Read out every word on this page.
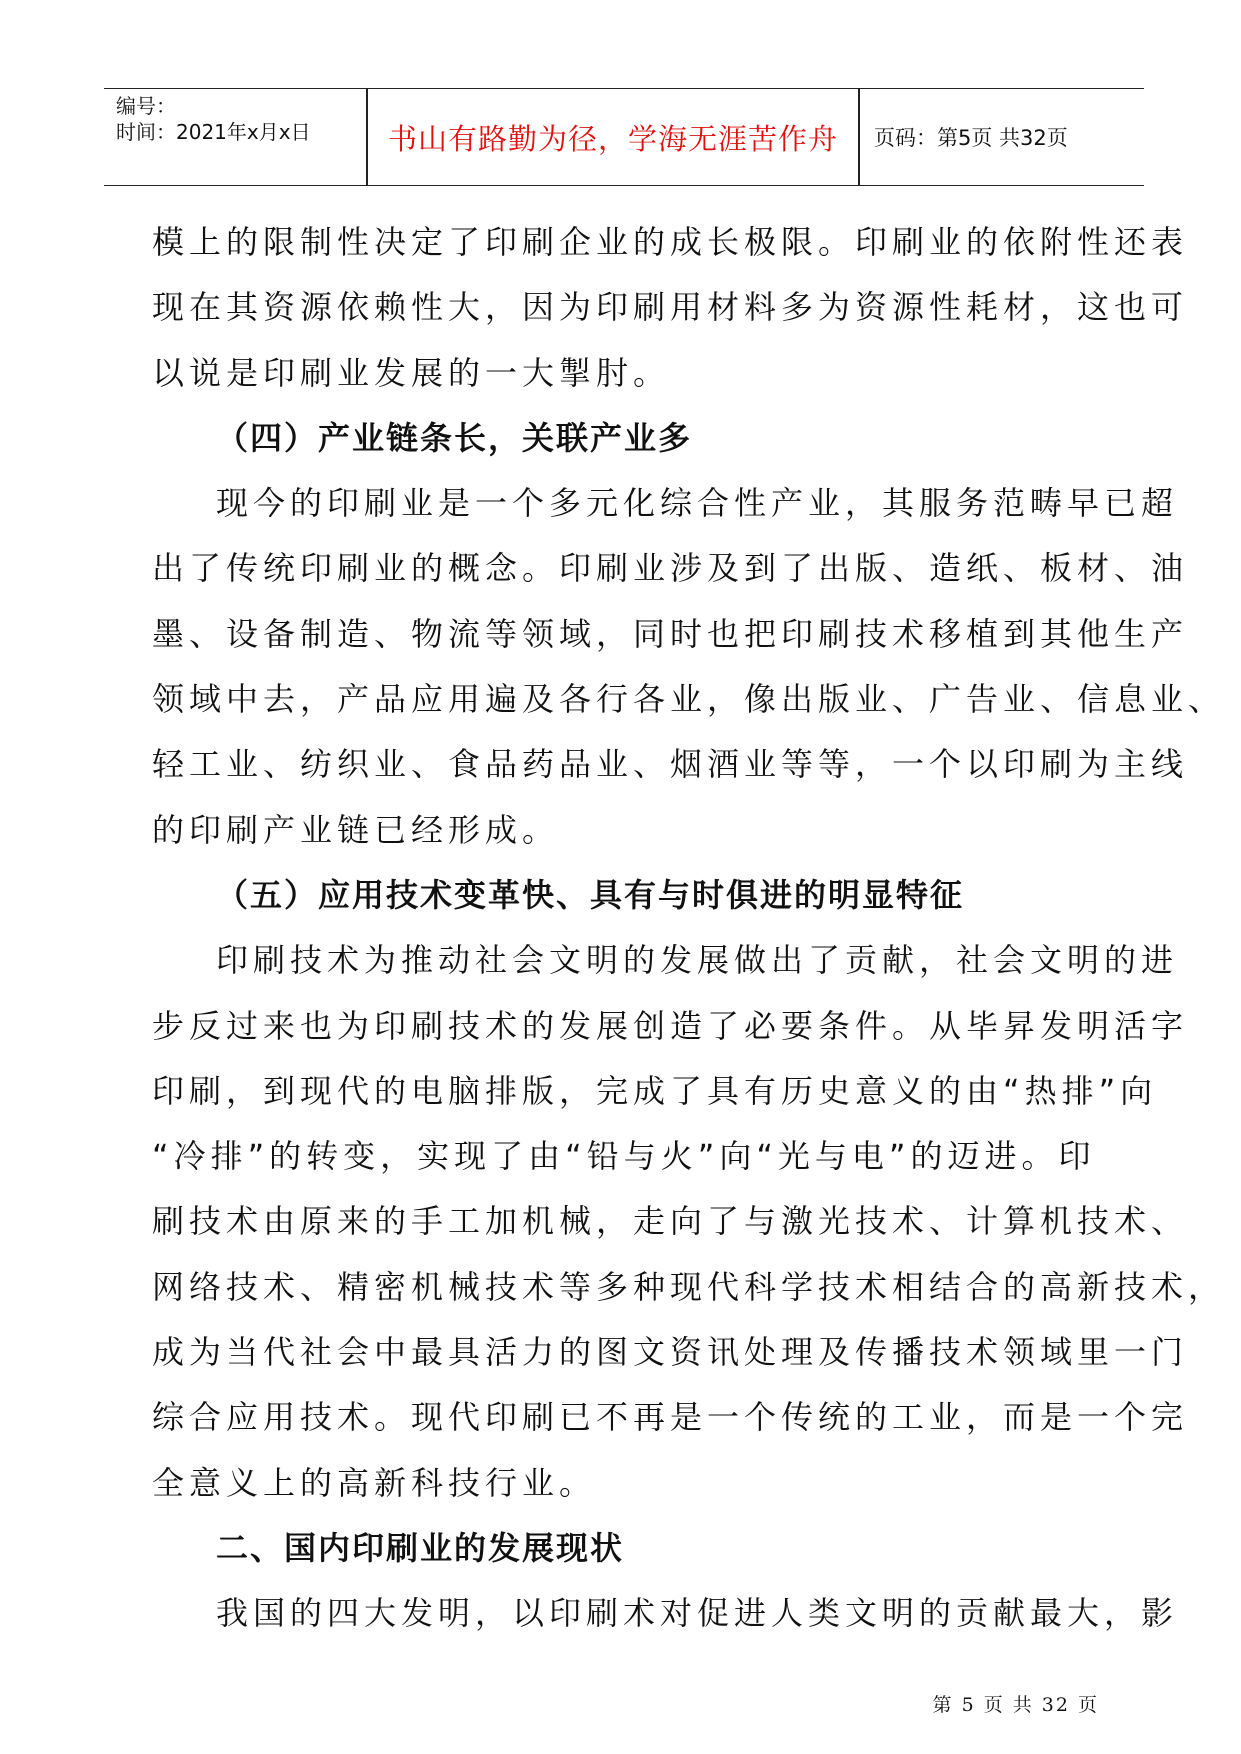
编号：
时间：2021年x月x日	书山有路勤为径，学海无涯苦作舟	页码：第5页 共32页
模上的限制性决定了印刷企业的成长极限。印刷业的依附性还表
现在其资源依赖性大，因为印刷用材料多为资源性耗材，这也可
以说是印刷业发展的一大掣肘。
（四）产业链条长，关联产业多
现今的印刷业是一个多元化综合性产业，其服务范畴早已超
出了传统印刷业的概念。印刷业涉及到了出版、造纸、板材、油
墨、设备制造、物流等领域，同时也把印刷技术移植到其他生产
领域中去，产品应用遍及各行各业，像出版业、广告业、信息业、
轻工业、纺织业、食品药品业、烟酒业等等，一个以印刷为主线
的印刷产业链已经形成。
（五）应用技术变革快、具有与时俱进的明显特征
印刷技术为推动社会文明的发展做出了贡献，社会文明的进
步反过来也为印刷技术的发展创造了必要条件。从毕昇发明活字
印刷，到现代的电脑排版，完成了具有历史意义的由“热排”向
“冷排”的转变，实现了由“铅与火”向“光与电”的迈进。印
刷技术由原来的手工加机械，走向了与激光技术、计算机技术、
网络技术、精密机械技术等多种现代科学技术相结合的高新技术，
成为当代社会中最具活力的图文资讯处理及传播技术领域里一门
综合应用技术。现代印刷已不再是一个传统的工业，而是一个完
全意义上的高新科技行业。
二、国内印刷业的发展现状
我国的四大发明，以印刷术对促进人类文明的贡献最大，影
第 5 页 共 32 页
